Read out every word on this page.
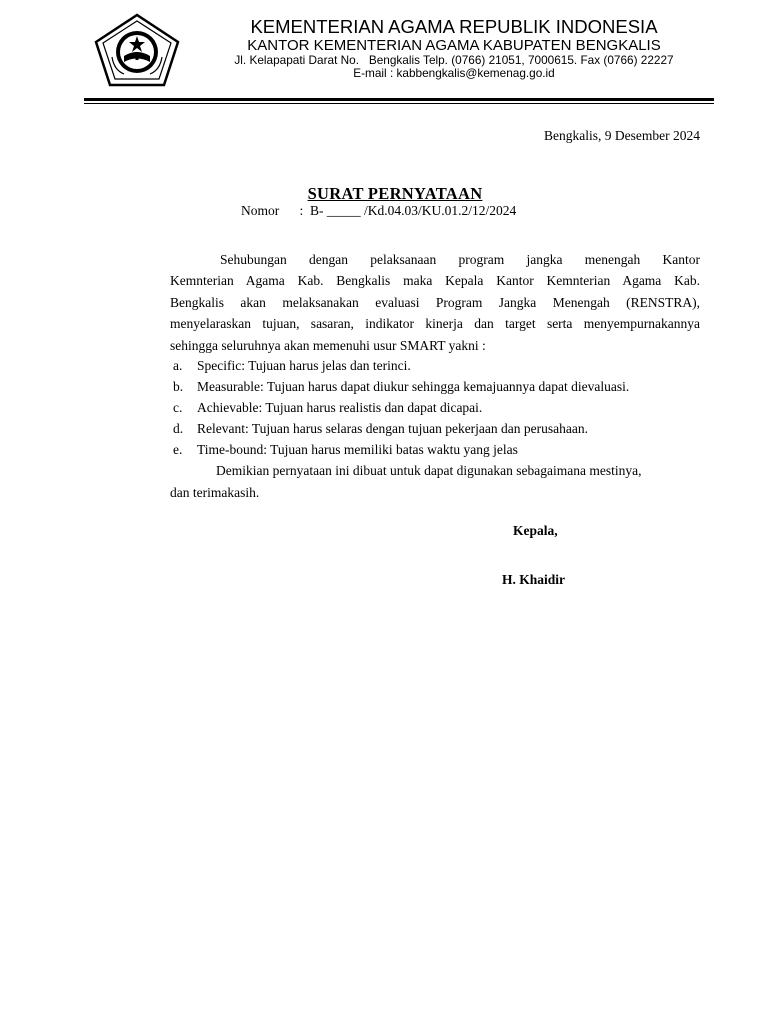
KEMENTERIAN AGAMA REPUBLIK INDONESIA
KANTOR KEMENTERIAN AGAMA KABUPATEN BENGKALIS
Jl. Kelapapati Darat No.   Bengkalis Telp. (0766) 21051, 7000615. Fax (0766) 22227
E-mail : kabbengkalis@kemenag.go.id
Bengkalis, 9 Desember 2024
SURAT PERNYATAAN
Nomor      :  B- _____ /Kd.04.03/KU.01.2/12/2024
Sehubungan dengan pelaksanaan program jangka menengah Kantor
Kemnterian Agama Kab. Bengkalis maka Kepala Kantor Kemnterian Agama Kab.
Bengkalis akan melaksanakan evaluasi Program Jangka Menengah (RENSTRA),
menyelaraskan tujuan, sasaran, indikator kinerja dan target serta menyempurnakannya
sehingga seluruhnya akan memenuhi usur SMART yakni :
a. Specific: Tujuan harus jelas dan terinci.
b. Measurable: Tujuan harus dapat diukur sehingga kemajuannya dapat dievaluasi.
c. Achievable: Tujuan harus realistis dan dapat dicapai.
d. Relevant: Tujuan harus selaras dengan tujuan pekerjaan dan perusahaan.
e. Time-bound: Tujuan harus memiliki batas waktu yang jelas
Demikian pernyataan ini dibuat untuk dapat digunakan sebagaimana mestinya,
dan terimakasih.
Kepala,
H. Khaidir
